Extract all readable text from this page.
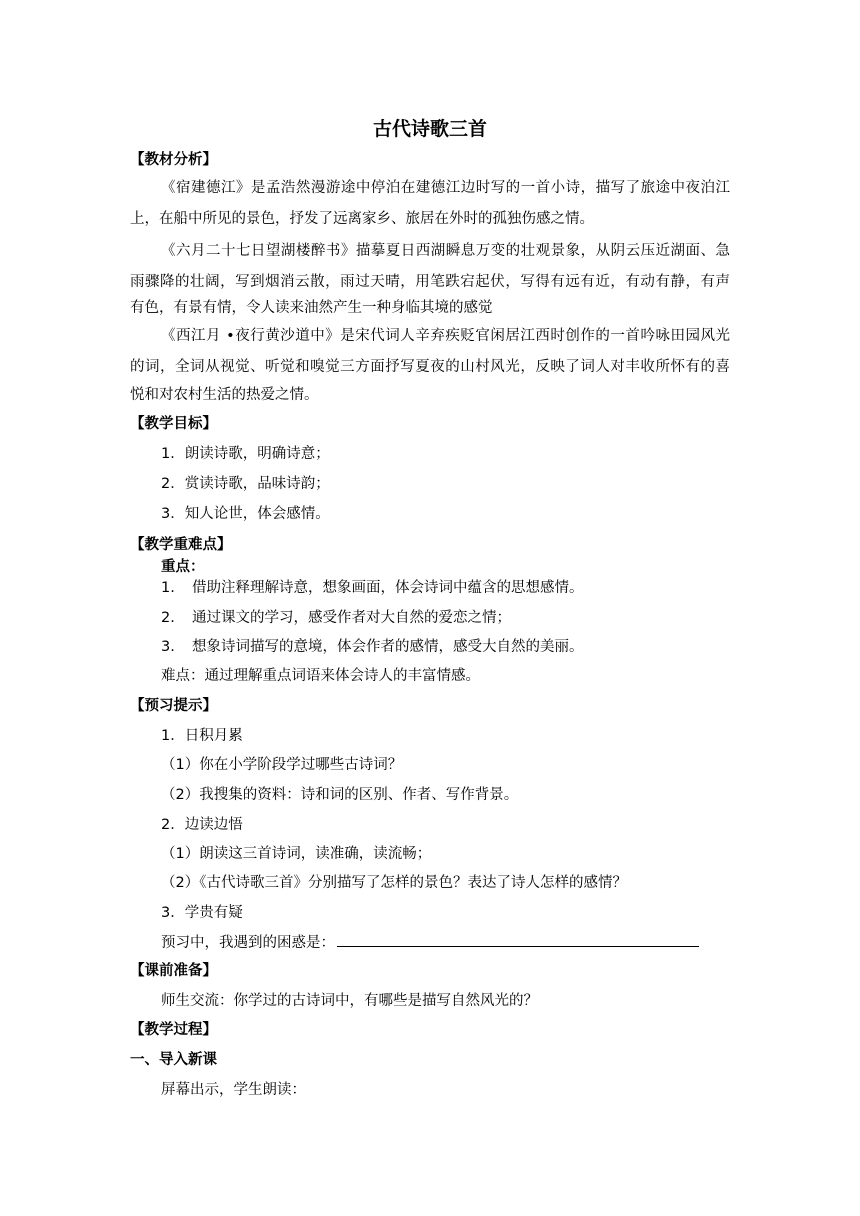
古代诗歌三首
【教材分析】
《宿建德江》是孟浩然漫游途中停泊在建德江边时写的一首小诗，描写了旅途中夜泊江
上，在船中所见的景色，抒发了远离家乡、旅居在外时的孤独伤感之情。
《六月二十七日望湖楼醉书》描摹夏日西湖瞬息万变的壮观景象，从阴云压近湖面、急
雨骤降的壮阔，写到烟消云散，雨过天晴，用笔跌宕起伏，写得有远有近，有动有静，有声
有色，有景有情，令人读来油然产生一种身临其境的感觉
《西江月 •夜行黄沙道中》是宋代词人辛弃疾贬官闲居江西时创作的一首吟咏田园风光
的词，全词从视觉、听觉和嗅觉三方面抒写夏夜的山村风光，反映了词人对丰收所怀有的喜
悦和对农村生活的热爱之情。
【教学目标】
1．朗读诗歌，明确诗意；
2．赏读诗歌，品味诗韵；
3．知人论世，体会感情。
【教学重难点】
重点：
1. 借助注释理解诗意，想象画面，体会诗词中蕴含的思想感情。
2. 通过课文的学习，感受作者对大自然的爱恋之情；
3. 想象诗词描写的意境，体会作者的感情，感受大自然的美丽。
难点：通过理解重点词语来体会诗人的丰富情感。
【预习提示】
1．日积月累
（1）你在小学阶段学过哪些古诗词？
（2）我搜集的资料：诗和词的区别、作者、写作背景。
2．边读边悟
（1）朗读这三首诗词，读准确，读流畅；
（2）《古代诗歌三首》分别描写了怎样的景色？表达了诗人怎样的感情？
3．学贵有疑
预习中，我遇到的困惑是：
【课前准备】
师生交流：你学过的古诗词中，有哪些是描写自然风光的？
【教学过程】
一、导入新课
屏幕出示，学生朗读：
